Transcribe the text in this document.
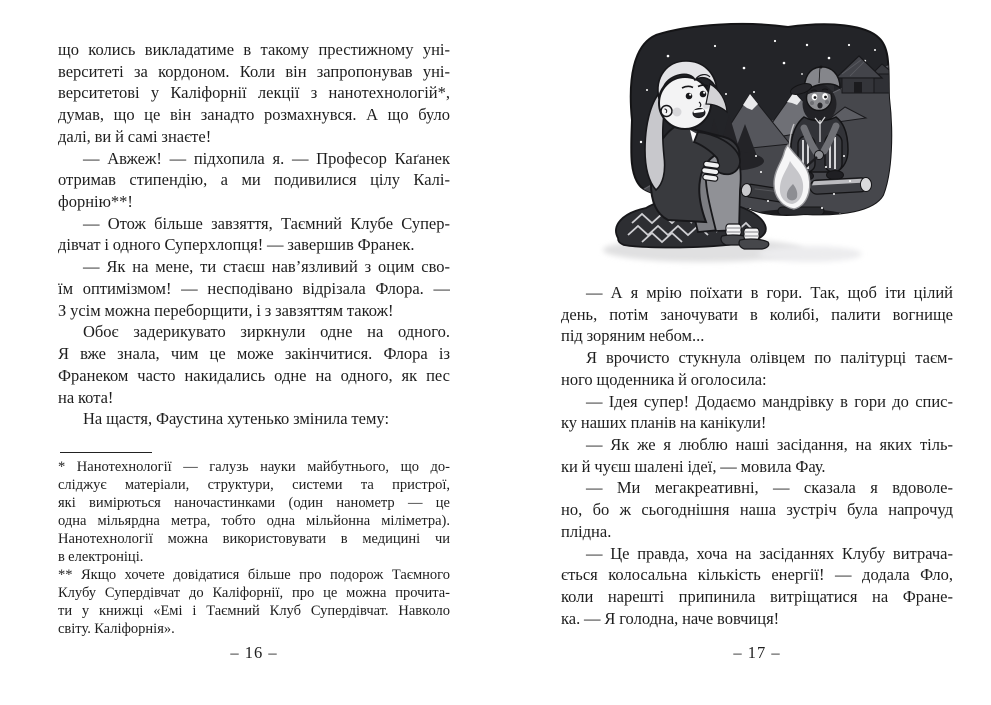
що колись викладатиме в такому престижному уні-
верситеті за кордоном. Коли він запропонував уні-
верситетові у Каліфорнії лекції з нанотехнологій*,
думав, що це він занадто розмахнувся. А що було
далі, ви й самі знаєте!
— Авжеж! — підхопила я. — Професор Каґанек
отримав стипендію, а ми подивилися цілу Калі-
форнію**!
— Отож більше завзяття, Таємний Клубе Супер-
дівчат і одного Суперхлопця! — завершив Франек.
— Як на мене, ти стаєш нав’язливий з оцим сво-
їм оптимізмом! — несподівано відрізала Флора. —
З усім можна переборщити, і з завзяттям також!
Обоє задерикувато зиркнули одне на одного.
Я вже знала, чим це може закінчитися. Флора із
Франеком часто накидались одне на одного, як пес
на кота!
На щастя, Фаустина хутенько змінила тему:
* Нанотехнології — галузь науки майбутнього, що до-
сліджує матеріали, структури, системи та пристрої,
які вимірються наночастинками (один нанометр — це
одна мільярдна метра, тобто одна мільйонна міліметра).
Нанотехнології можна використовувати в медицині чи
в електроніці.
** Якщо хочете довідатися більше про подорож Таємного
Клубу Супердівчат до Каліфорнії, про це можна прочита-
ти у книжці «Емі і Таємний Клуб Супердівчат. Навколо
світу. Каліфорнія».
– 16 –
— А я мрію поїхати в гори. Так, щоб іти цілий
день, потім заночувати в колибі, палити вогнище
під зоряним небом...
Я врочисто стукнула олівцем по палітурці таєм-
ного щоденника й оголосила:
— Ідея супер! Додаємо мандрівку в гори до спис-
ку наших планів на канікули!
— Як же я люблю наші засідання, на яких тіль-
ки й чуєш шалені ідеї, — мовила Фау.
— Ми мегакреативні, — сказала я вдоволе-
но, бо ж сьогоднішня наша зустріч була напрочуд
плідна.
— Це правда, хоча на засіданнях Клубу витрача-
ється колосальна кількість енергії! — додала Фло,
коли нарешті припинила витріщатися на Фране-
ка. — Я голодна, наче вовчиця!
– 17 –
